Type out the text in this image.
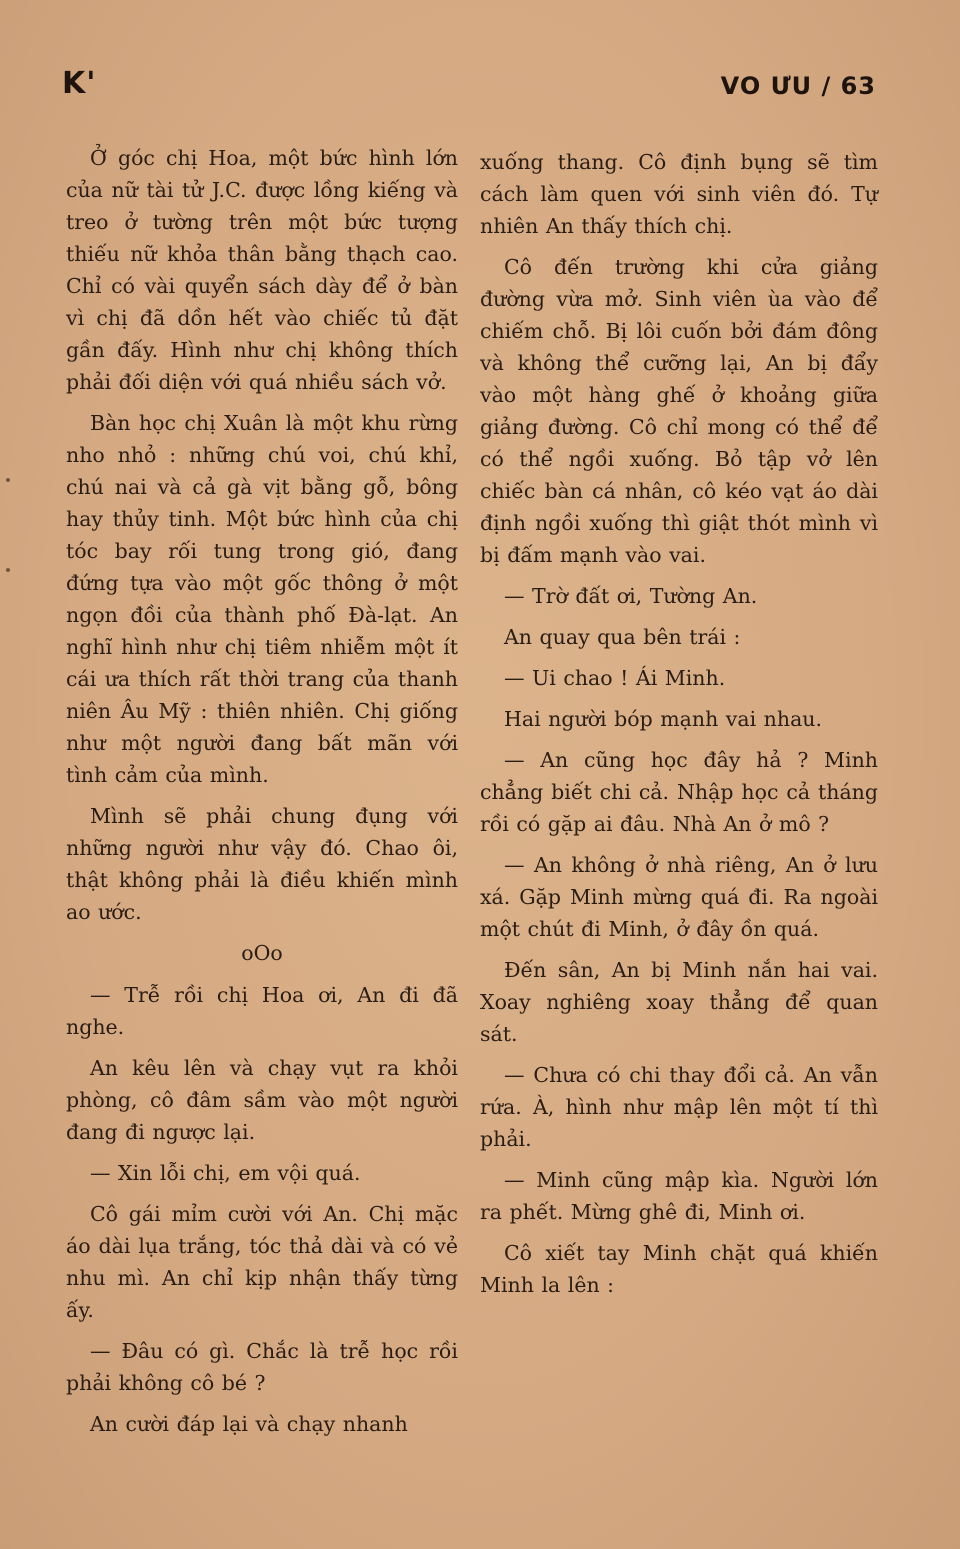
K'	VO ƯU / 63

Ở góc chị Hoa, một bức hình lớn của nữ tài tử J.C. được lồng kiếng và treo ở tường trên một bức tượng thiếu nữ khỏa thân bằng thạch cao. Chỉ có vài quyển sách dày để ở bàn vì chị đã dồn hết vào chiếc tủ đặt gần đấy. Hình như chị không thích phải đối diện với quá nhiều sách vở.

Bàn học chị Xuân là một khu rừng nho nhỏ : những chú voi, chú khỉ, chú nai và cả gà vịt bằng gỗ, bông hay thủy tinh. Một bức hình của chị tóc bay rối tung trong gió, đang đứng tựa vào một gốc thông ở một ngọn đồi của thành phố Đà-lạt. An nghĩ hình như chị tiêm nhiễm một ít cái ưa thích rất thời trang của thanh niên Âu Mỹ : thiên nhiên. Chị giống như một người đang bất mãn với tình cảm của mình.

Mình sẽ phải chung đụng với những người như vậy đó. Chao ôi, thật không phải là điều khiến mình ao ước.

oOo

— Trễ rồi chị Hoa ơi, An đi đã nghe.

An kêu lên và chạy vụt ra khỏi phòng, cô đâm sầm vào một người đang đi ngược lại.

— Xin lỗi chị, em vội quá.

Cô gái mỉm cười với An. Chị mặc áo dài lụa trắng, tóc thả dài và có vẻ nhu mì. An chỉ kịp nhận thấy từng ấy.

— Đâu có gì. Chắc là trễ học rồi phải không cô bé ?

An cười đáp lại và chạy nhanh

xuống thang. Cô định bụng sẽ tìm cách làm quen với sinh viên đó. Tự nhiên An thấy thích chị.

Cô đến trường khi cửa giảng đường vừa mở. Sinh viên ùa vào để chiếm chỗ. Bị lôi cuốn bởi đám đông và không thể cưỡng lại, An bị đẩy vào một hàng ghế ở khoảng giữa giảng đường. Cô chỉ mong có thể để có thể ngồi xuống. Bỏ tập vở lên chiếc bàn cá nhân, cô kéo vạt áo dài định ngồi xuống thì giật thót mình vì bị đấm mạnh vào vai.

— Trờ đất ơi, Tường An.

An quay qua bên trái :

— Ui chao ! Ái Minh.

Hai người bóp mạnh vai nhau.

— An cũng học đây hả ? Minh chẳng biết chi cả. Nhập học cả tháng rồi có gặp ai đâu. Nhà An ở mô ?

— An không ở nhà riêng, An ở lưu xá. Gặp Minh mừng quá đi. Ra ngoài một chút đi Minh, ở đây ồn quá.

Đến sân, An bị Minh nắn hai vai. Xoay nghiêng xoay thẳng để quan sát.

— Chưa có chi thay đổi cả. An vẫn rứa. À, hình như mập lên một tí thì phải.

— Minh cũng mập kìa. Người lớn ra phết. Mừng ghê đi, Minh ơi.

Cô xiết tay Minh chặt quá khiến Minh la lên :
